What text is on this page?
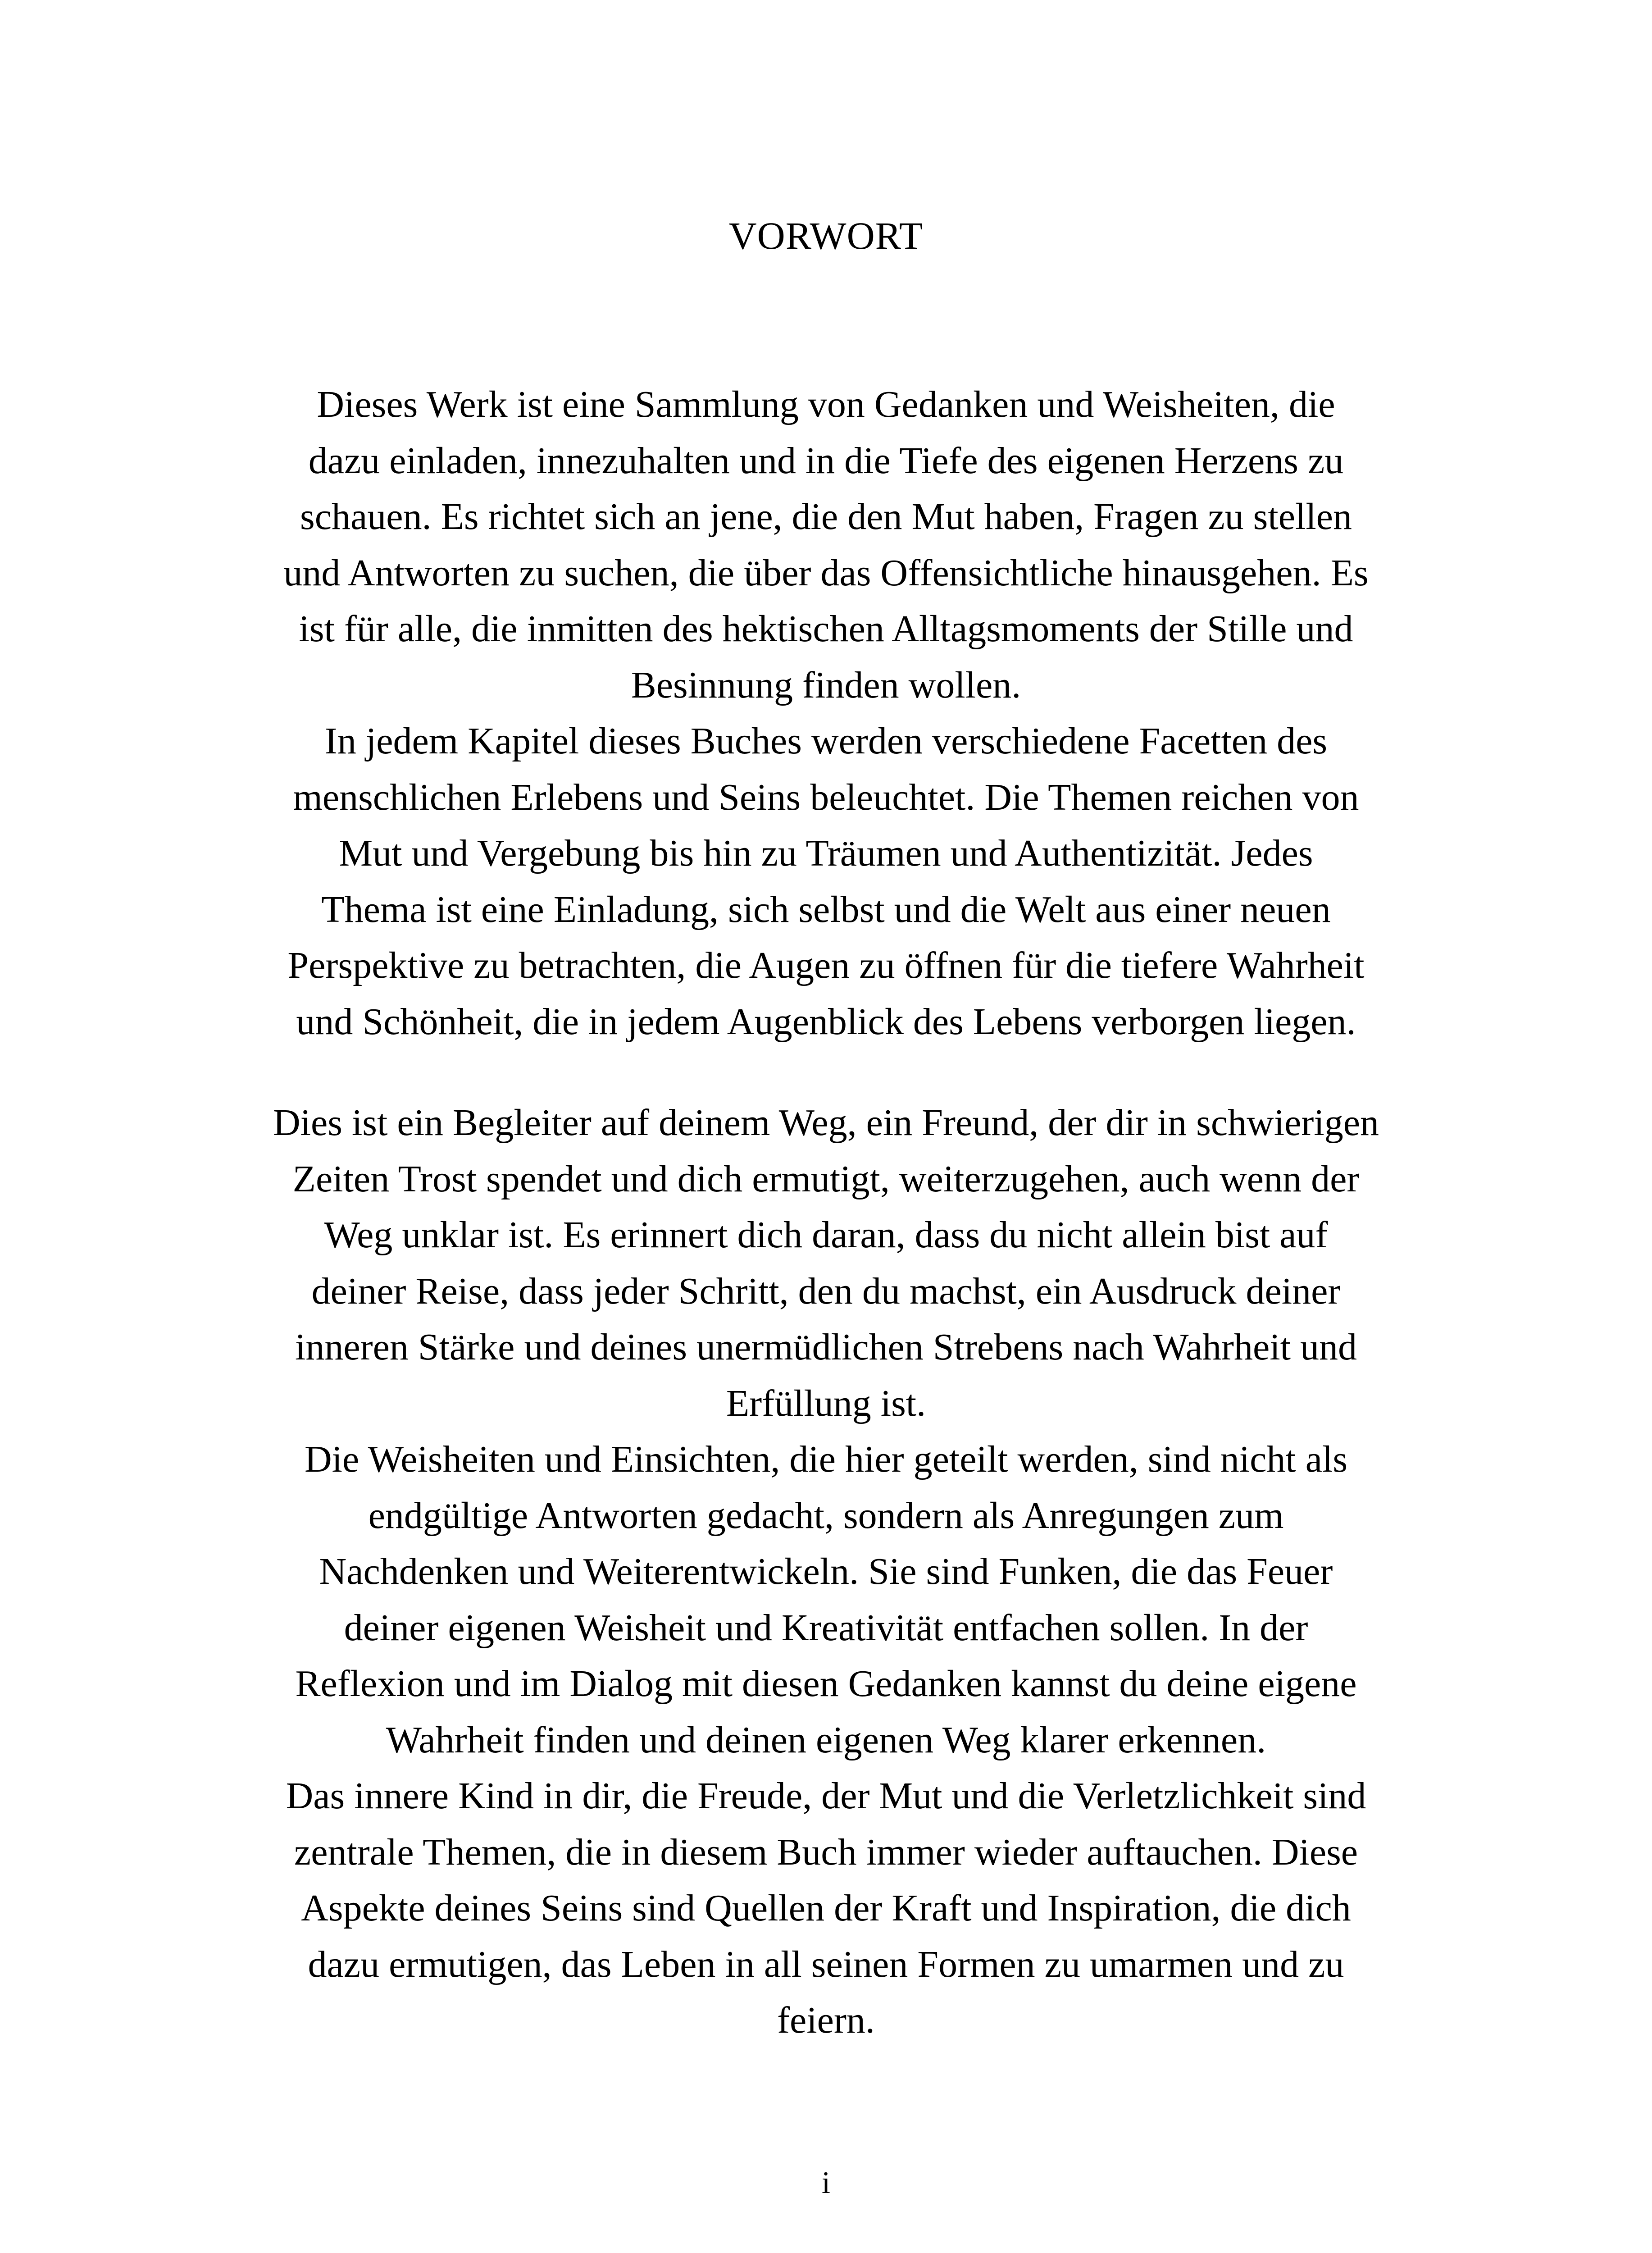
VORWORT
Dieses Werk ist eine Sammlung von Gedanken und Weisheiten, die
dazu einladen, innezuhalten und in die Tiefe des eigenen Herzens zu
schauen. Es richtet sich an jene, die den Mut haben, Fragen zu stellen
und Antworten zu suchen, die über das Offensichtliche hinausgehen. Es
ist für alle, die inmitten des hektischen Alltagsmoments der Stille und
Besinnung finden wollen.
In jedem Kapitel dieses Buches werden verschiedene Facetten des
menschlichen Erlebens und Seins beleuchtet. Die Themen reichen von
Mut und Vergebung bis hin zu Träumen und Authentizität. Jedes
Thema ist eine Einladung, sich selbst und die Welt aus einer neuen
Perspektive zu betrachten, die Augen zu öffnen für die tiefere Wahrheit
und Schönheit, die in jedem Augenblick des Lebens verborgen liegen.
Dies ist ein Begleiter auf deinem Weg, ein Freund, der dir in schwierigen
Zeiten Trost spendet und dich ermutigt, weiterzugehen, auch wenn der
Weg unklar ist. Es erinnert dich daran, dass du nicht allein bist auf
deiner Reise, dass jeder Schritt, den du machst, ein Ausdruck deiner
inneren Stärke und deines unermüdlichen Strebens nach Wahrheit und
Erfüllung ist.
Die Weisheiten und Einsichten, die hier geteilt werden, sind nicht als
endgültige Antworten gedacht, sondern als Anregungen zum
Nachdenken und Weiterentwickeln. Sie sind Funken, die das Feuer
deiner eigenen Weisheit und Kreativität entfachen sollen. In der
Reflexion und im Dialog mit diesen Gedanken kannst du deine eigene
Wahrheit finden und deinen eigenen Weg klarer erkennen.
Das innere Kind in dir, die Freude, der Mut und die Verletzlichkeit sind
zentrale Themen, die in diesem Buch immer wieder auftauchen. Diese
Aspekte deines Seins sind Quellen der Kraft und Inspiration, die dich
dazu ermutigen, das Leben in all seinen Formen zu umarmen und zu
feiern.
i
